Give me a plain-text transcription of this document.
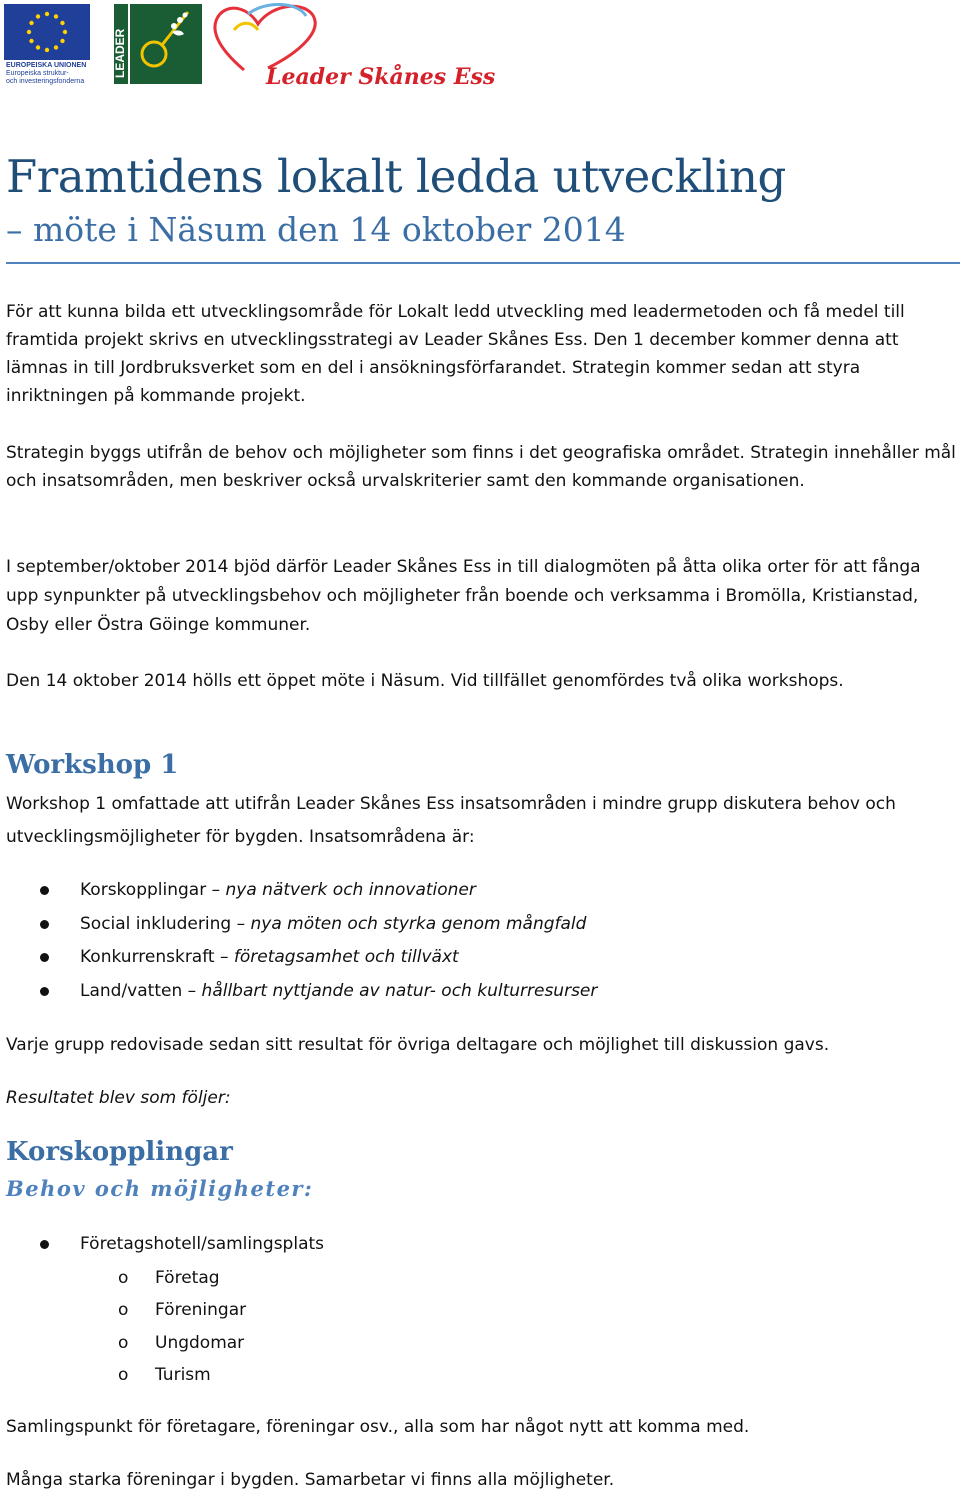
EUROPEISKA UNIONEN
Europeiska struktur-
och investeringsfonderna
LEADER	Leader Skånes Ess
Framtidens lokalt ledda utveckling
– möte i Näsum den 14 oktober 2014

För att kunna bilda ett utvecklingsområde för Lokalt ledd utveckling med leadermetoden och få medel till framtida projekt skrivs en utvecklingsstrategi av Leader Skånes Ess. Den 1 december kommer denna att lämnas in till Jordbruksverket som en del i ansökningsförfarandet. Strategin kommer sedan att styra inriktningen på kommande projekt.

Strategin byggs utifrån de behov och möjligheter som finns i det geografiska området. Strategin innehåller mål och insatsområden, men beskriver också urvalskriterier samt den kommande organisationen.

I september/oktober 2014 bjöd därför Leader Skånes Ess in till dialogmöten på åtta olika orter för att fånga upp synpunkter på utvecklingsbehov och möjligheter från boende och verksamma i Bromölla, Kristianstad, Osby eller Östra Göinge kommuner.

Den 14 oktober 2014 hölls ett öppet möte i Näsum. Vid tillfället genomfördes två olika workshops.

Workshop 1

Workshop 1 omfattade att utifrån Leader Skånes Ess insatsområden i mindre grupp diskutera behov och utvecklingsmöjligheter för bygden. Insatsområdena är:

Korskopplingar – nya nätverk och innovationer
Social inkludering – nya möten och styrka genom mångfald
Konkurrenskraft – företagsamhet och tillväxt
Land/vatten – hållbart nyttjande av natur- och kulturresurser

Varje grupp redovisade sedan sitt resultat för övriga deltagare och möjlighet till diskussion gavs.

Resultatet blev som följer:

Korskopplingar
Behov och möjligheter:
Företagshotell/samlingsplats
o Företag
o Föreningar
o Ungdomar
o Turism

Samlingspunkt för företagare, föreningar osv., alla som har något nytt att komma med.

Många starka föreningar i bygden. Samarbetar vi finns alla möjligheter.
